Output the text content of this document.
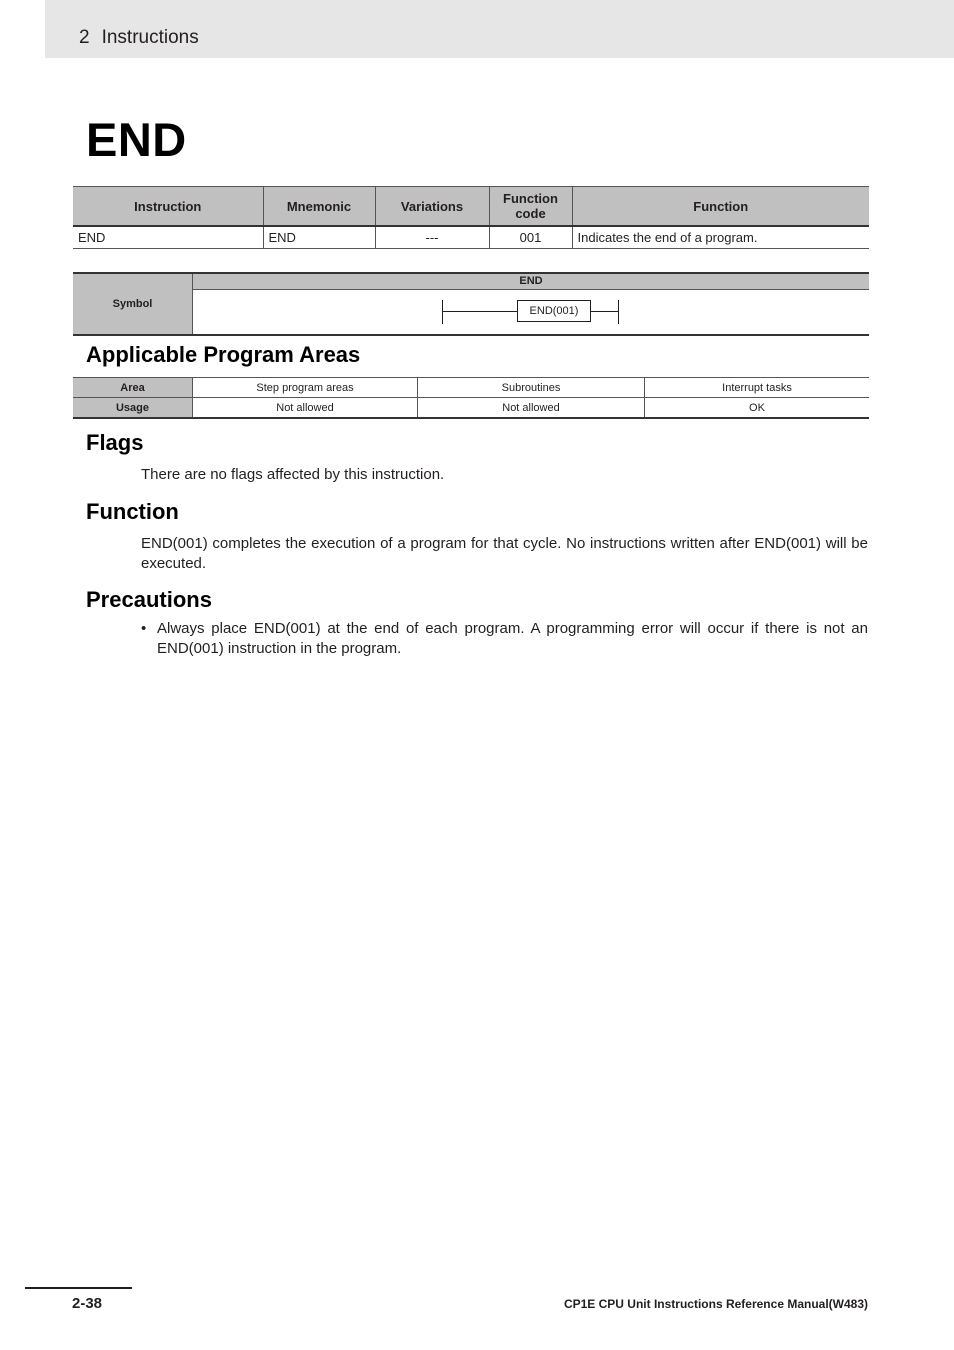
2 Instructions
END
Instruction	Mnemonic	Variations	Function code	Function
END	END	---	001	Indicates the end of a program.
Symbol
END
END(001)
Applicable Program Areas
Area	Step program areas	Subroutines	Interrupt tasks
Usage	Not allowed	Not allowed	OK
Flags

There are no flags affected by this instruction.

Function

END(001) completes the execution of a program for that cycle. No instructions written after END(001) will be executed.

Precautions
• Always place END(001) at the end of each program. A programming error will occur if there is not an END(001) instruction in the program.

2-38	CP1E CPU Unit Instructions Reference Manual(W483)
